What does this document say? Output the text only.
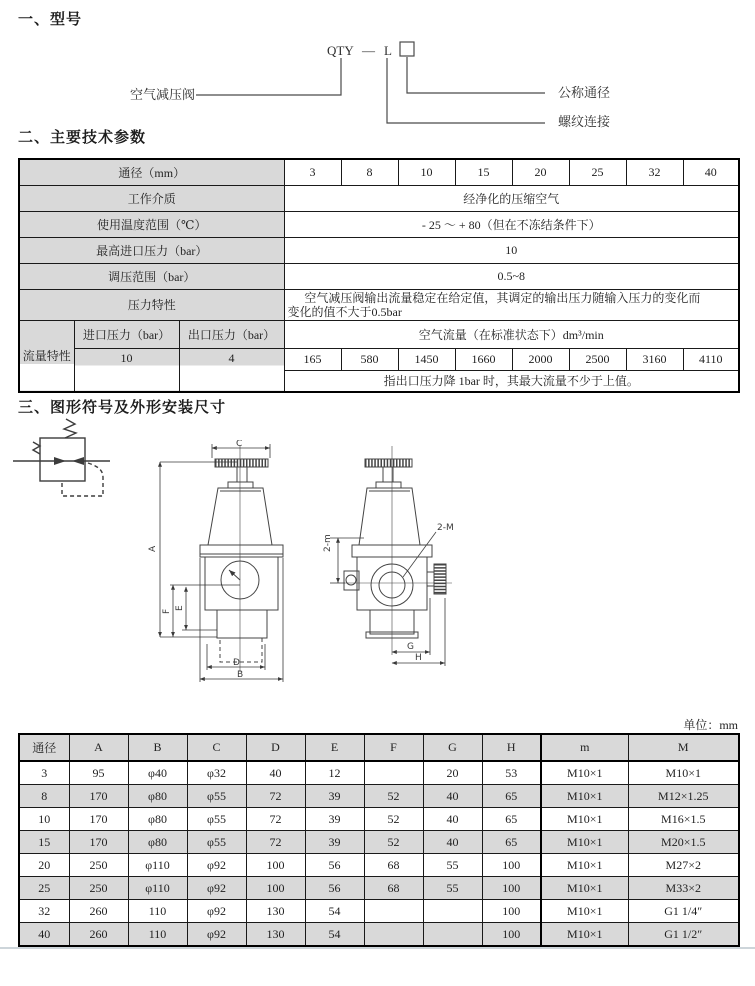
一、型号
QTY — L
空气减压阀	公称通径
螺纹连接
二、主要技术参数
通径（mm）			3	8	10	15	20	25	32	40
工作介质			经净化的压缩空气							
使用温度范围（℃）			- 25 ～ + 80（但在不冻结条件下）							
最高进口压力（bar）			10							
调压范围（bar）			0.5~8							
压力特性			空气减压阀输出流量稳定在给定值，其调定的输出压力随输入压力的变化而
变化的值不大于0.5bar							

流量特性	进口压力（bar）	出口压力（bar）	空气流量（在标准状态下）dm³/min							
	10	4	165	580	1450	1660	2000	2500	3160	4110
			指出口压力降 1bar 时，其最大流量不少于上值。							
三、图形符号及外形安装尺寸
C
A
F
E
D
B
2-m
2-M
G
H
单位：mm
通径	A	B	C	D	E	F	G	H	m	M
3	95	φ40	φ32	40	12		20	53	M10×1	M10×1
8	170	φ80	φ55	72	39	52	40	65	M10×1	M12×1.25
10	170	φ80	φ55	72	39	52	40	65	M10×1	M16×1.5
15	170	φ80	φ55	72	39	52	40	65	M10×1	M20×1.5
20	250	φ110	φ92	100	56	68	55	100	M10×1	M27×2
25	250	φ110	φ92	100	56	68	55	100	M10×1	M33×2
32	260	110	φ92	130	54			100	M10×1	G1 1/4″
40	260	110	φ92	130	54			100	M10×1	G1 1/2″
